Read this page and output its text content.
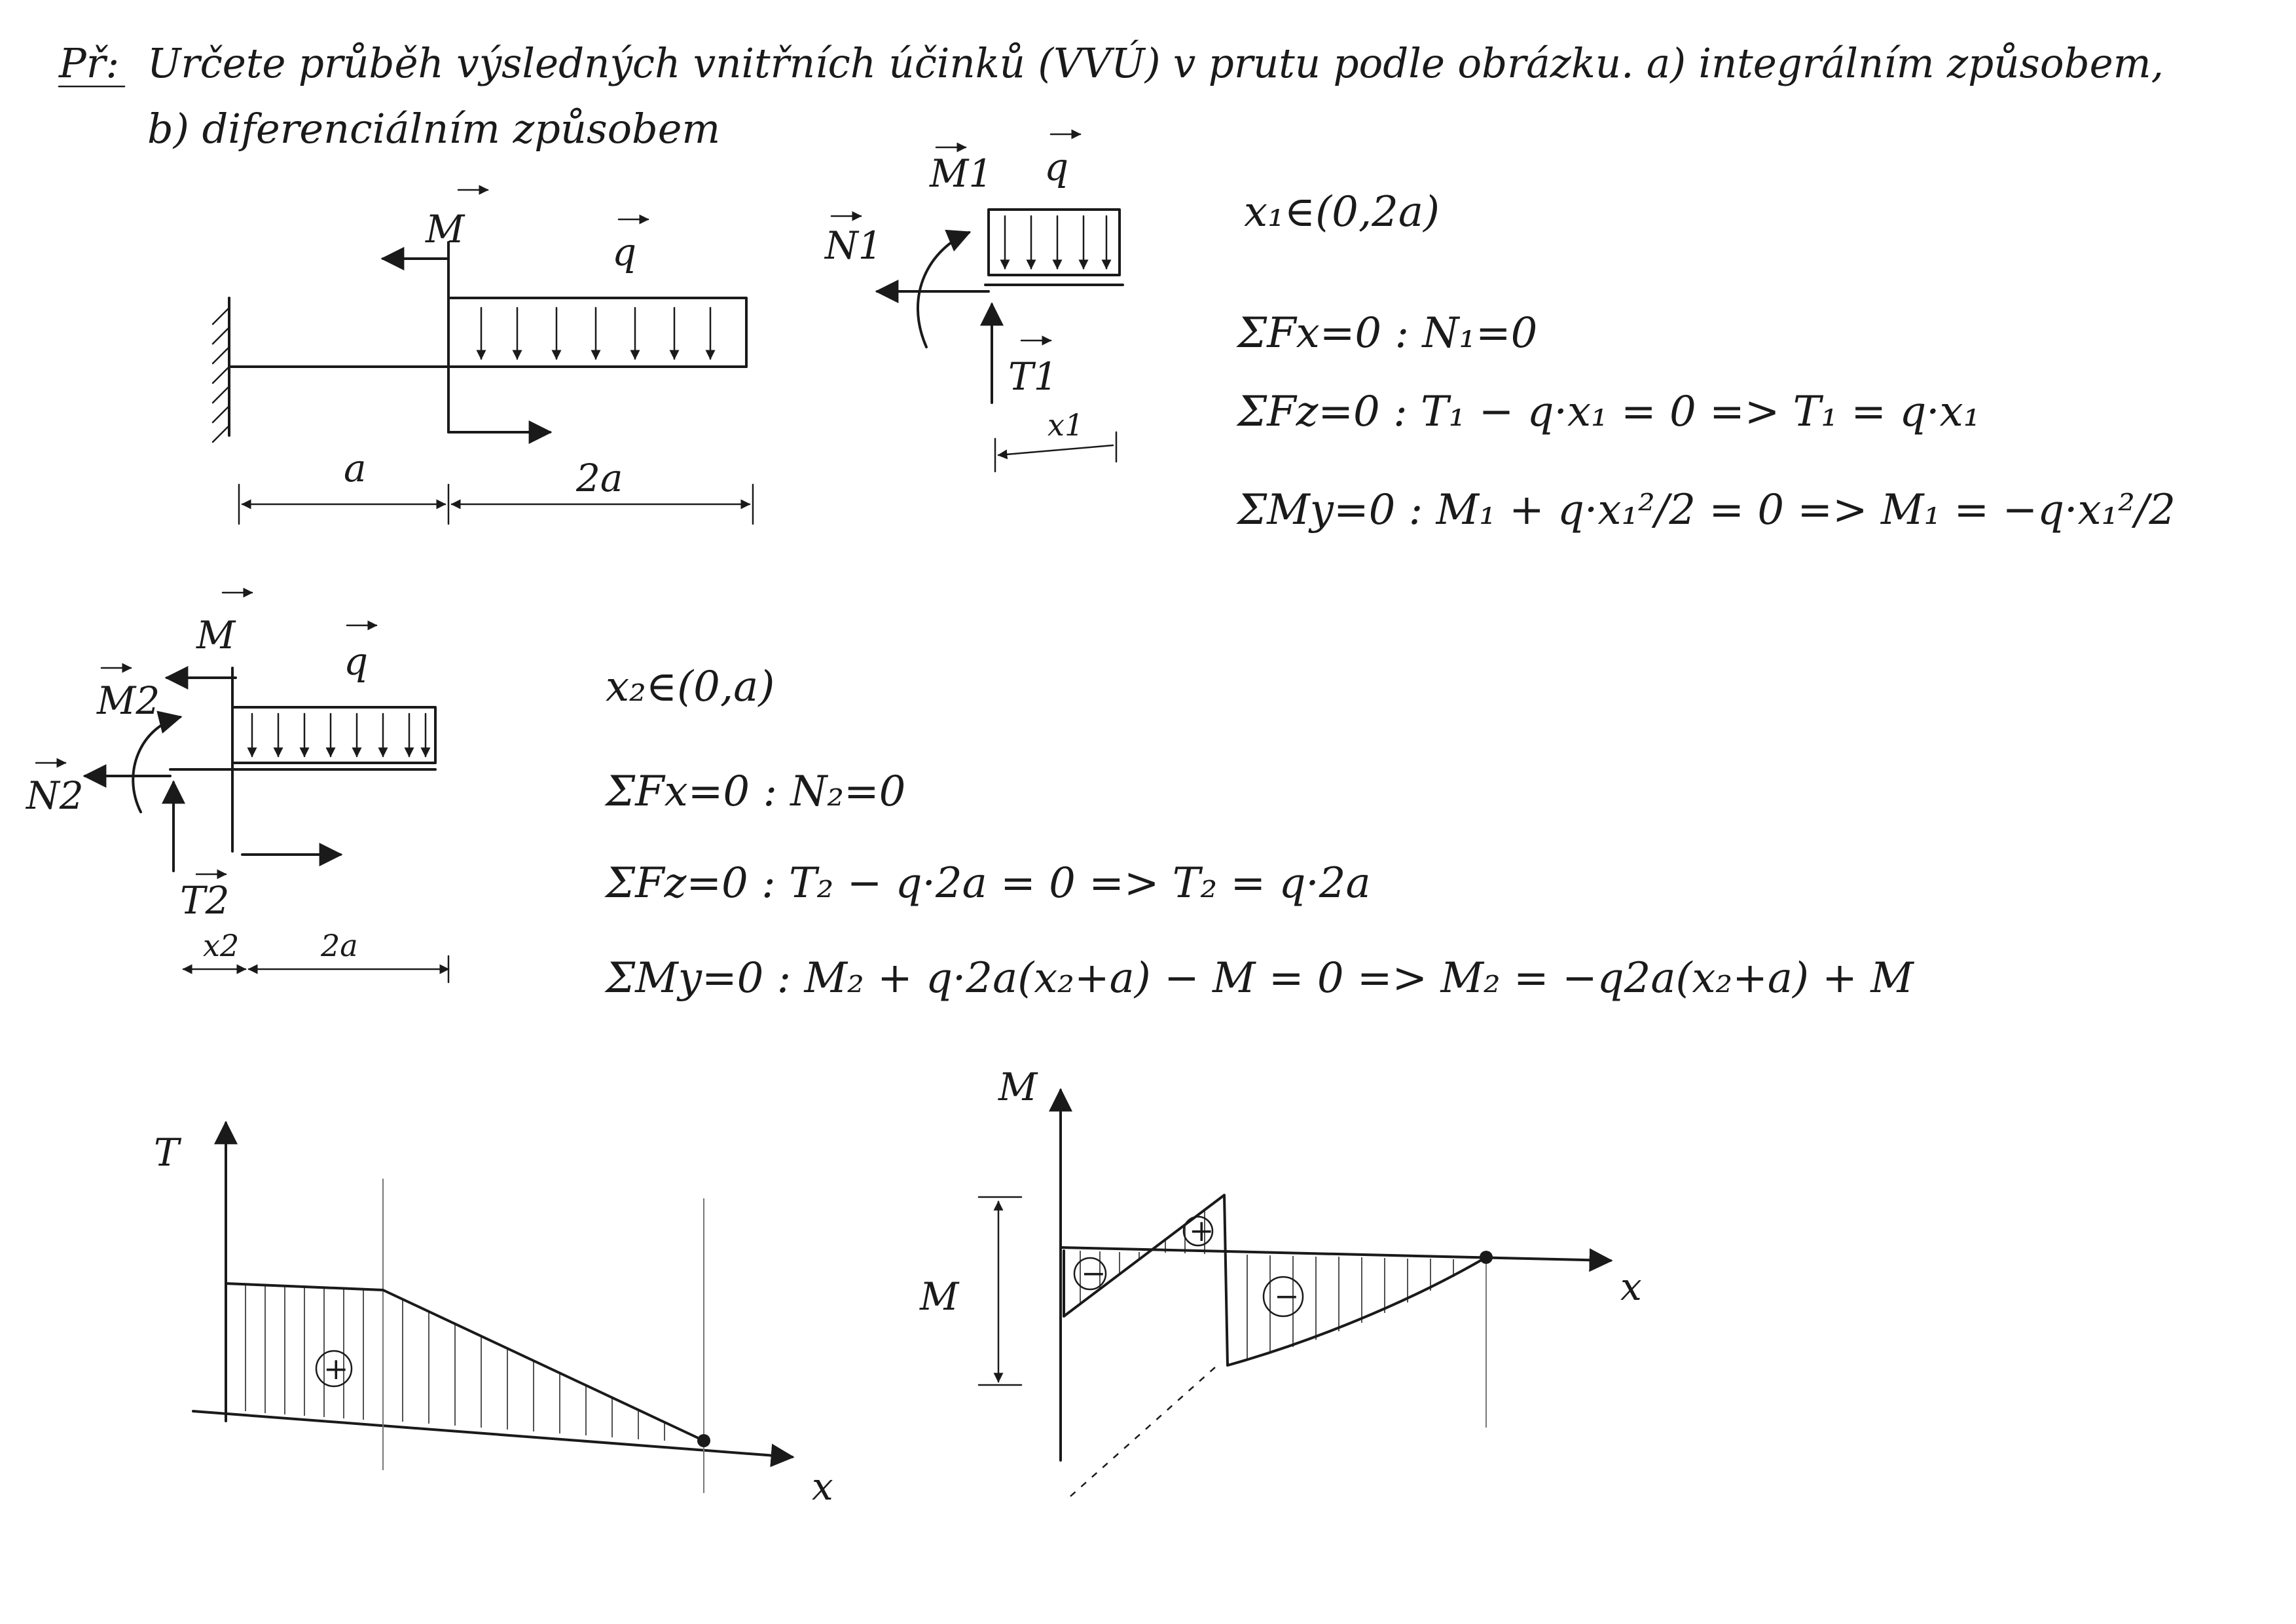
Př: Určete průběh výsledných vnitřních účinků (VVÚ) v prutu podle obrázku. a) integrálním způsobem,
b) diferenciálním způsobem
q
M
a	2a
M1 q
N1
T1
x1
x₁∈(0,2a)
ΣFx=0 : N₁=0
ΣFz=0 : T₁ − q·x₁ = 0 => T₁ = q·x₁
ΣMy=0 : M₁ + q·x₁²/2 = 0 => M₁ = −q·x₁²/2
M
q
M2
N2
T2
x2	2a
x₂∈(0,a)
ΣFx=0 : N₂=0
ΣFz=0 : T₂ − q·2a = 0 => T₂ = q·2a
ΣMy=0 : M₂ + q·2a(x₂+a) − M = 0 => M₂ = −q2a(x₂+a) + M
T
x
+
M
x
M
−
+
−
